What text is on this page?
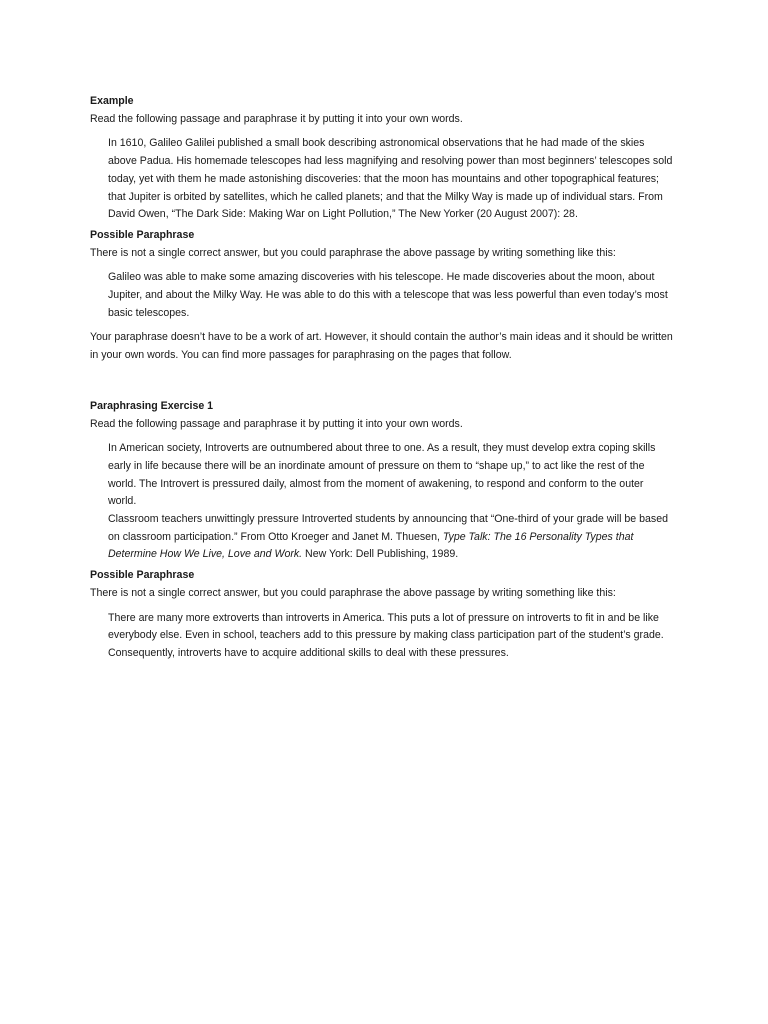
Example

Read the following passage and paraphrase it by putting it into your own words.

In 1610, Galileo Galilei published a small book describing astronomical observations that he had made of the skies above Padua. His homemade telescopes had less magnifying and resolving power than most beginners’ telescopes sold today, yet with them he made astonishing discoveries: that the moon has mountains and other topographical features; that Jupiter is orbited by satellites, which he called planets; and that the Milky Way is made up of individual stars. From David Owen, “The Dark Side: Making War on Light Pollution,” The New Yorker (20 August 2007): 28.

Possible Paraphrase

There is not a single correct answer, but you could paraphrase the above passage by writing something like this:

Galileo was able to make some amazing discoveries with his telescope. He made discoveries about the moon, about Jupiter, and about the Milky Way. He was able to do this with a telescope that was less powerful than even today’s most basic telescopes.

Your paraphrase doesn’t have to be a work of art. However, it should contain the author’s main ideas and it should be written in your own words. You can find more passages for paraphrasing on the pages that follow.

Paraphrasing Exercise 1

Read the following passage and paraphrase it by putting it into your own words.

In American society, Introverts are outnumbered about three to one. As a result, they must develop extra coping skills early in life because there will be an inordinate amount of pressure on them to “shape up,” to act like the rest of the world. The Introvert is pressured daily, almost from the moment of awakening, to respond and conform to the outer world.

Classroom teachers unwittingly pressure Introverted students by announcing that “One-third of your grade will be based on classroom participation.” From Otto Kroeger and Janet M. Thuesen, Type Talk: The 16 Personality Types that Determine How We Live, Love and Work. New York: Dell Publishing, 1989.

Possible Paraphrase

There is not a single correct answer, but you could paraphrase the above passage by writing something like this:

There are many more extroverts than introverts in America. This puts a lot of pressure on introverts to fit in and be like everybody else. Even in school, teachers add to this pressure by making class participation part of the student’s grade. Consequently, introverts have to acquire additional skills to deal with these pressures.
